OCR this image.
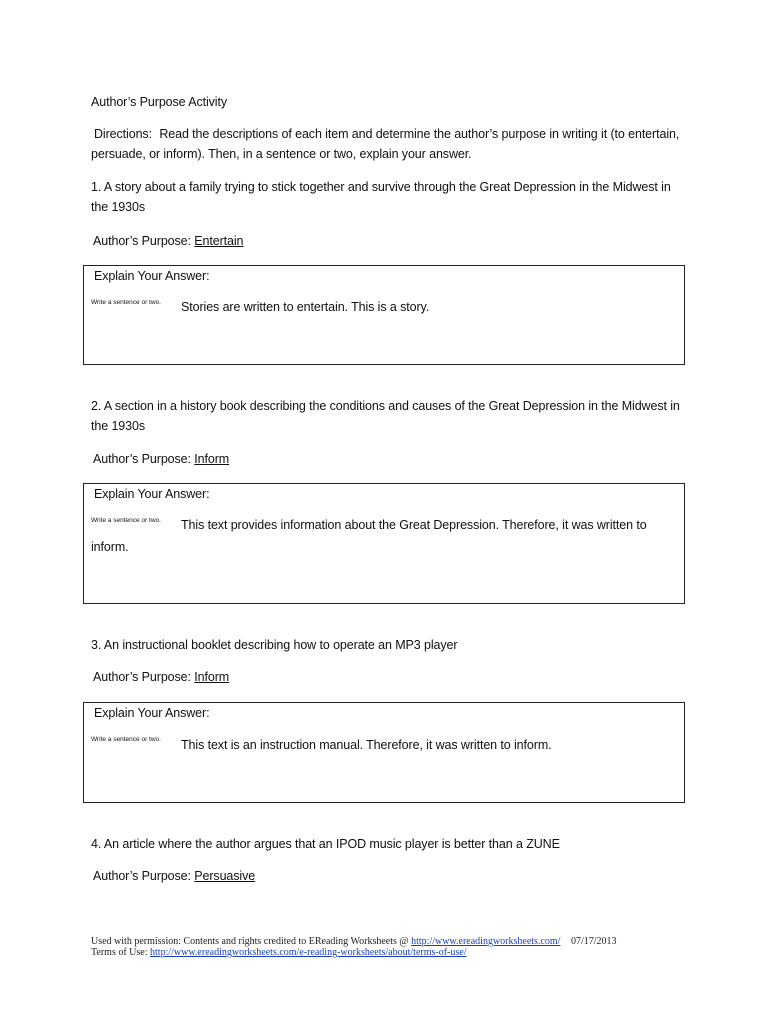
Author’s Purpose Activity
Directions: Read the descriptions of each item and determine the author’s purpose in writing it (to entertain, persuade, or inform). Then, in a sentence or two, explain your answer.
1. A story about a family trying to stick together and survive through the Great Depression in the Midwest in the 1930s
Author’s Purpose: Entertain
Explain Your Answer:
Write a sentence or two. Stories are written to entertain. This is a story.
2. A section in a history book describing the conditions and causes of the Great Depression in the Midwest in the 1930s
Author’s Purpose: Inform
Explain Your Answer:
Write a sentence or two.	This text provides information about the Great Depression. Therefore, it was written to inform.
3. An instructional booklet describing how to operate an MP3 player
Author’s Purpose: Inform
Explain Your Answer:
Write a sentence or two. This text is an instruction manual. Therefore, it was written to inform.
4. An article where the author argues that an IPOD music player is better than a ZUNE
Author’s Purpose: Persuasive
Used with permission: Contents and rights credited to EReading Worksheets @ http://www.ereadingworksheets.com/ 07/17/2013
Terms of Use: http://www.ereadingworksheets.com/e-reading-worksheets/about/terms-of-use/
